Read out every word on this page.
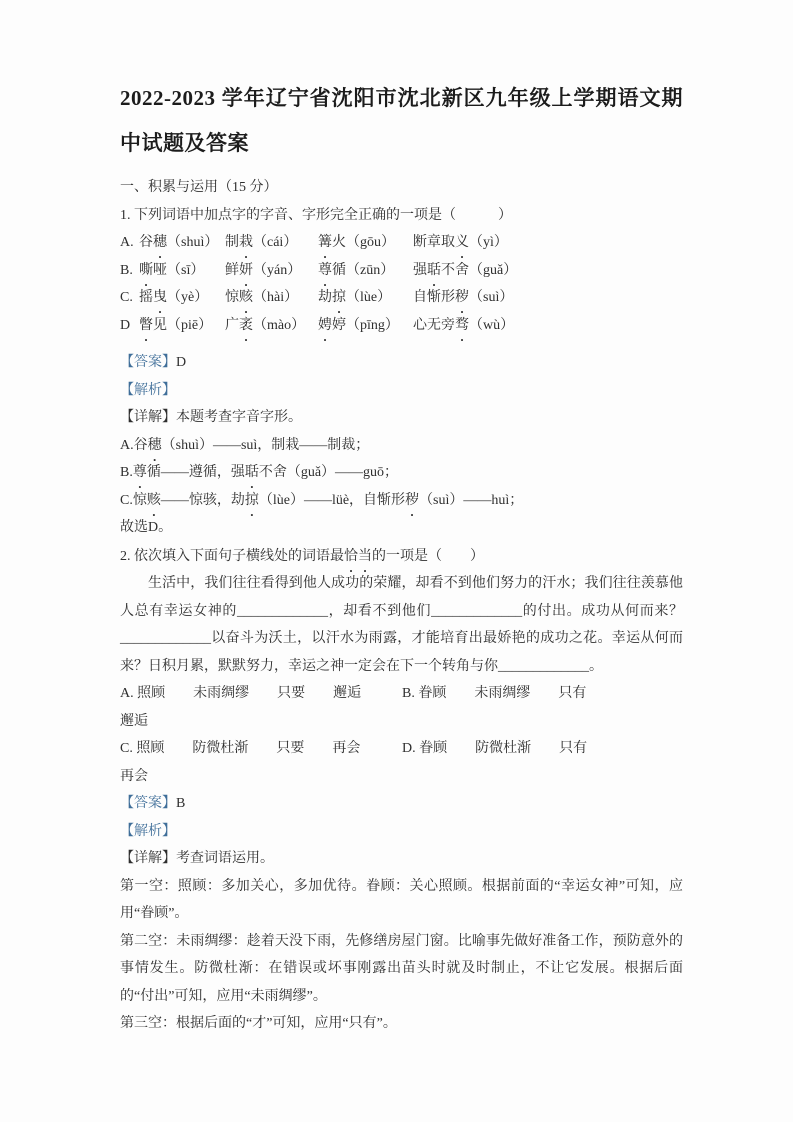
2022-2023 学年辽宁省沈阳市沈北新区九年级上学期语文期中试题及答案
一、积累与运用（15 分）
1. 下列词语中加点字的字音、字形完全正确的一项是（　　　）
A. 谷穗（shuì） 制栽（cái）	篝火（gōu）	断章取义（yì）
B. 嘶哑（sī）	鲜妍（yán）	尊循（zūn）	强聒不舍（guǎ）
C. 摇曳（yè）	惊赅（hài）	劫掠（lùe）	自惭形秽（suì）
D 瞥见（piē） 广袤（mào） 娉婷（pīng）	心无旁骛（wù）
【答案】D
【解析】
【详解】本题考查字音字形。
A.谷穗（shuì）——suì，制栽——制裁；
B.尊循——遵循，强聒不舍（guǎ）——guō；
C.惊赅——惊骇，劫掠（lùe）——lüè，自惭形秽（suì）——huì；
故选D。
2. 依次填入下面句子横线处的词语最恰当的一项是（　　）

生活中，我们往往看得到他人成功的荣耀，却看不到他们努力的汗水；我们往往羡慕他人总有幸运女神的_____________，却看不到他们_____________的付出。成功从何而来？_____________以奋斗为沃土，以汗水为雨露，才能培育出最娇艳的成功之花。幸运从何而来？日积月累，默默努力，幸运之神一定会在下一个转角与你_____________。

A. 照顾　　未雨绸缪　　只要　　邂逅	B. 眷顾　　未雨绸缪　　只有
邂逅
C. 照顾　　防微杜渐　　只要　　再会	D. 眷顾　　防微杜渐　　只有
再会
【答案】B
【解析】
【详解】考查词语运用。
第一空：照顾：多加关心，多加优待。眷顾：关心照顾。根据前面的“幸运女神”可知，应用“眷顾”。
第二空：未雨绸缪：趁着天没下雨，先修缮房屋门窗。比喻事先做好准备工作，预防意外的事情发生。防微杜渐：在错误或坏事刚露出苗头时就及时制止，不让它发展。根据后面的“付出”可知，应用“未雨绸缪”。
第三空：根据后面的“才”可知，应用“只有”。
